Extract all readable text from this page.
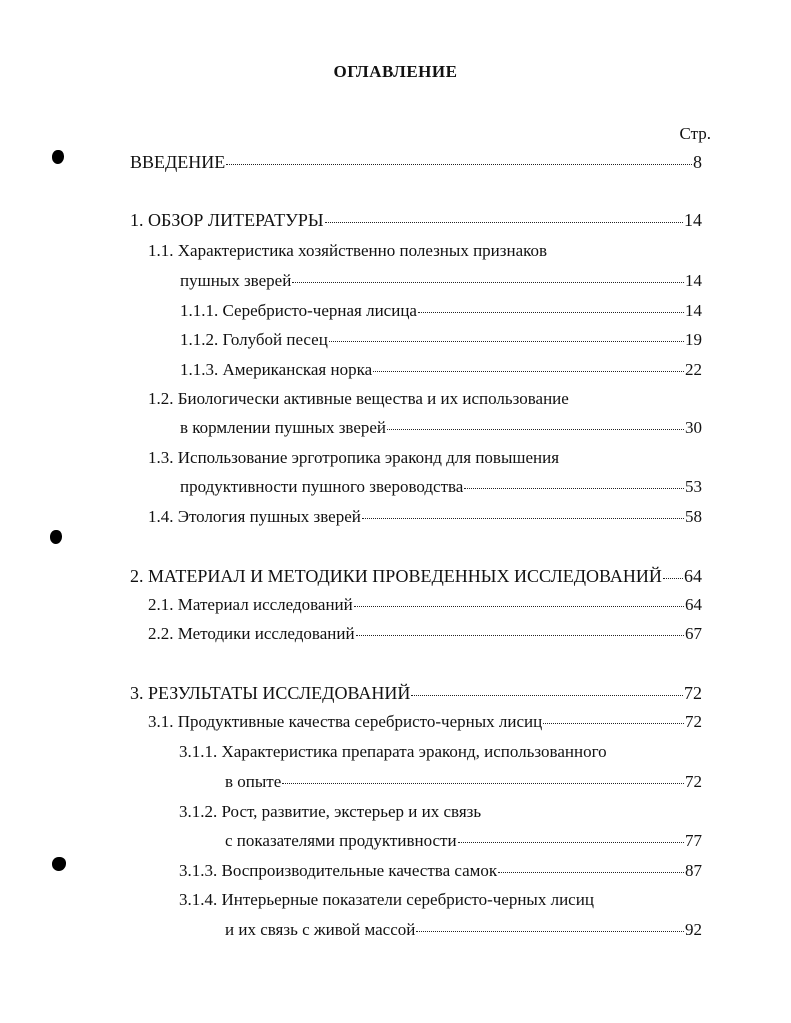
ОГЛАВЛЕНИЕ
Стр.
ВВЕДЕНИЕ	8
1. ОБЗОР ЛИТЕРАТУРЫ	14
1.1. Характеристика хозяйственно полезных признаков
пушных зверей	14
1.1.1. Серебристо-черная лисица	14
1.1.2. Голубой песец	19
1.1.3. Американская норка	22
1.2. Биологически активные вещества и их использование
в кормлении пушных зверей	30
1.3. Использование эрготропика эраконд для повышения
продуктивности пушного звероводства	53
1.4. Этология пушных зверей	58
2. МАТЕРИАЛ И МЕТОДИКИ ПРОВЕДЕННЫХ ИССЛЕДОВАНИЙ 64
2.1. Материал исследований	64
2.2. Методики исследований	67
3. РЕЗУЛЬТАТЫ ИССЛЕДОВАНИЙ	72
3.1. Продуктивные качества серебристо-черных лисиц	72
3.1.1. Характеристика препарата эраконд, использованного
в опыте	72
3.1.2. Рост, развитие, экстерьер и их связь
с показателями продуктивности	77
3.1.3. Воспроизводительные качества самок	87
3.1.4. Интерьерные показатели серебристо-черных лисиц
и их связь с живой массой	92
